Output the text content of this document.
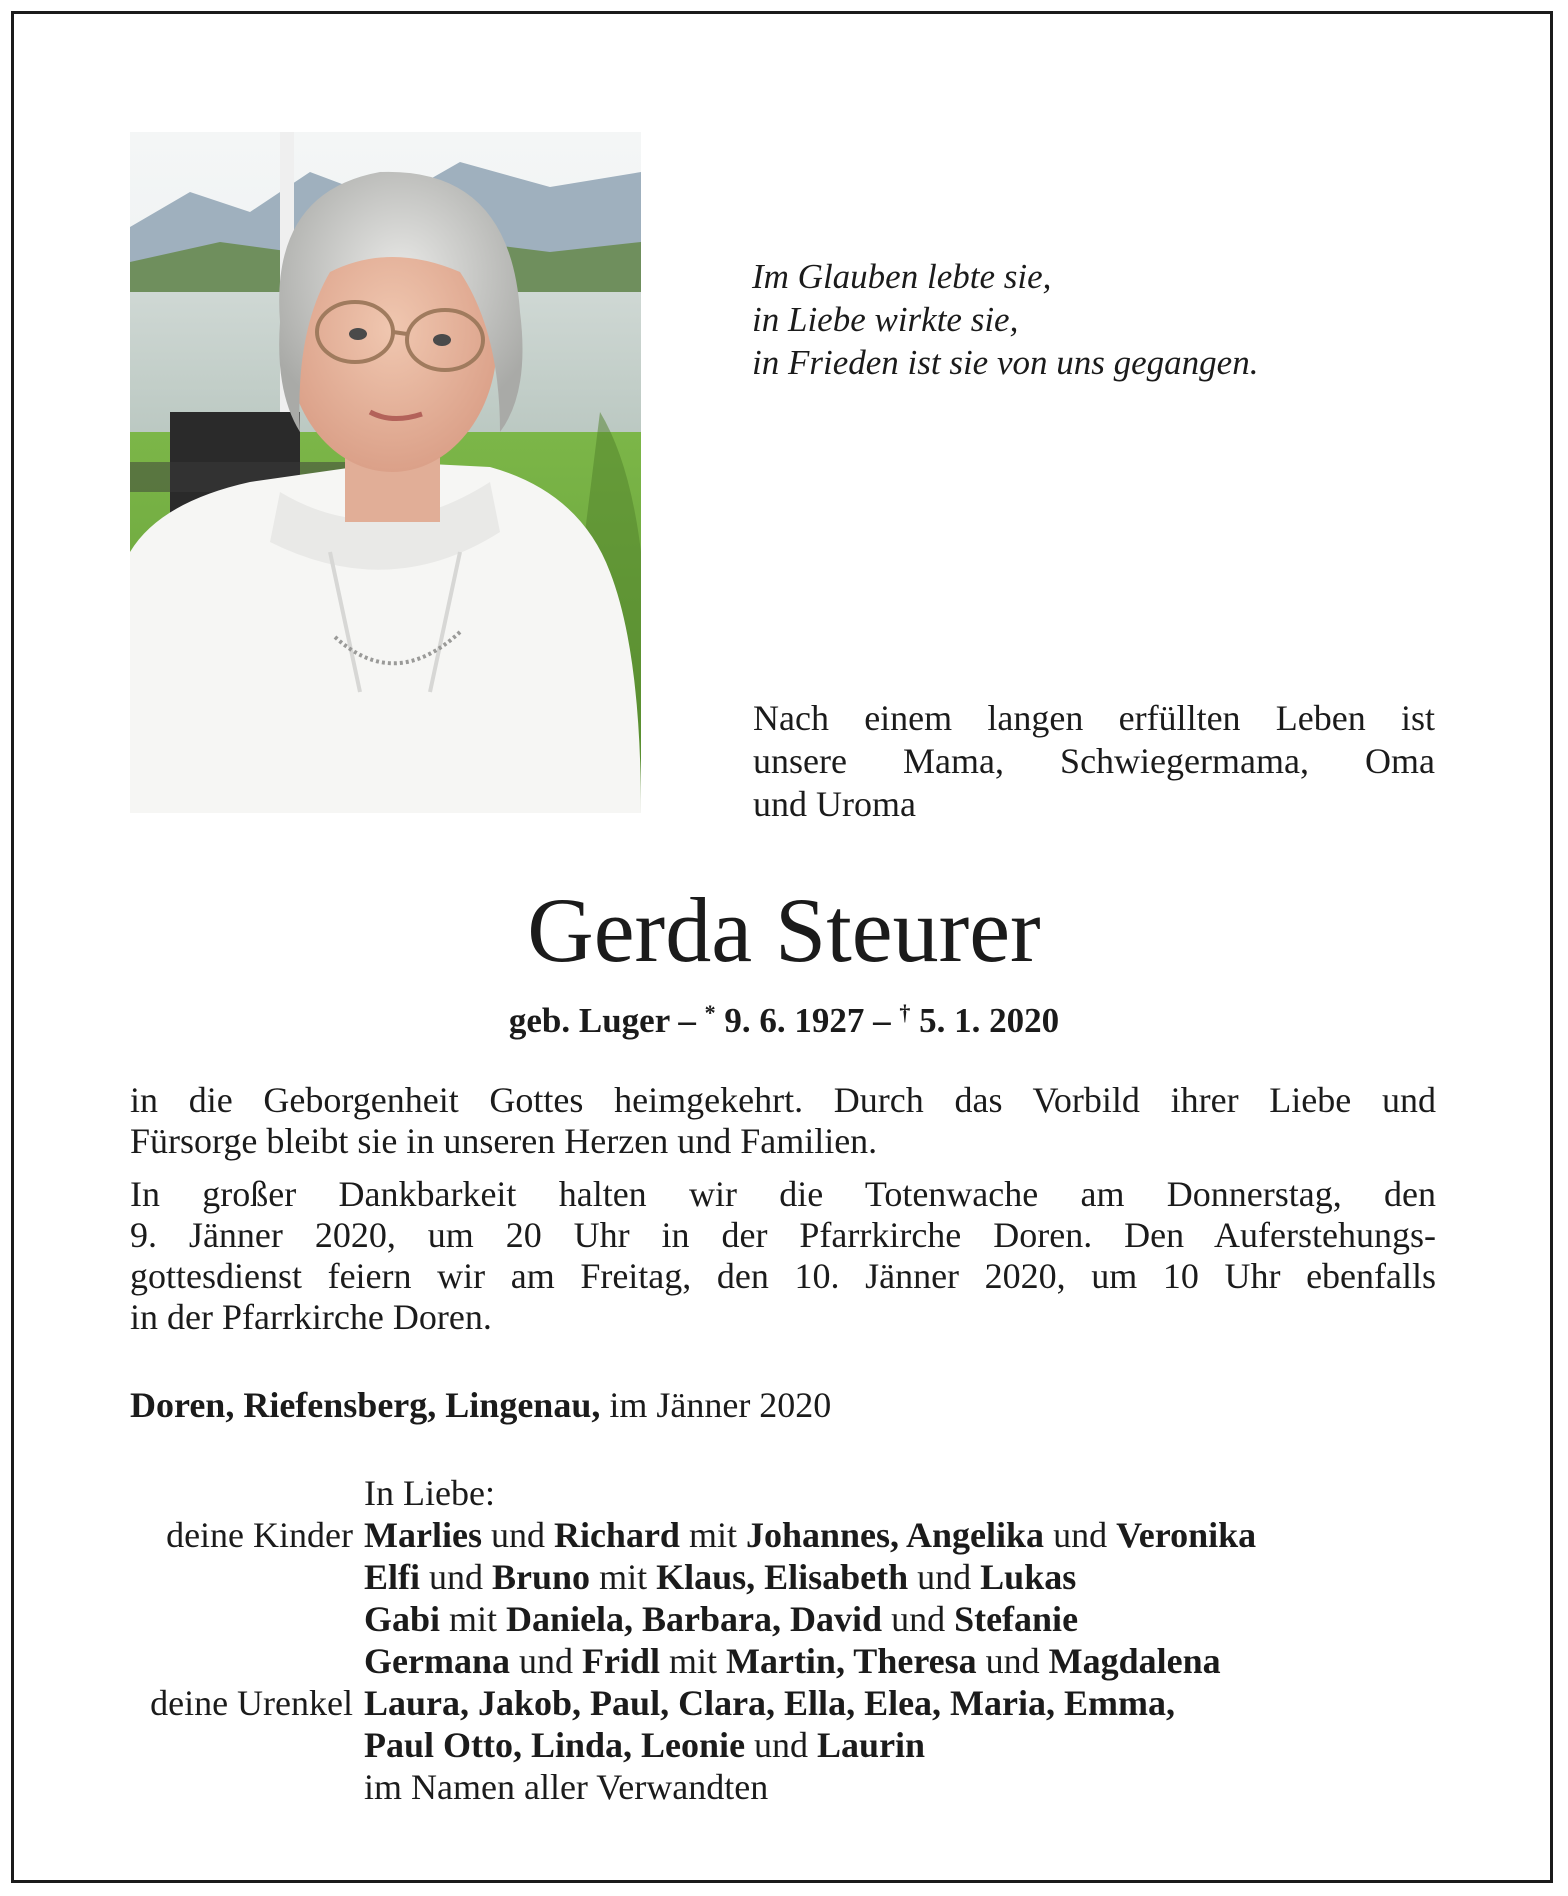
Im Glauben lebte sie,
in Liebe wirkte sie,
in Frieden ist sie von uns gegangen.
Nach einem langen erfüllten Leben ist
unsere Mama, Schwiegermama, Oma
und Uroma
Gerda Steurer
geb. Luger – * 9. 6. 1927 – † 5. 1. 2020
in die Geborgenheit Gottes heimgekehrt. Durch das Vorbild ihrer Liebe und
Fürsorge bleibt sie in unseren Herzen und Familien.
In großer Dankbarkeit halten wir die Totenwache am Donnerstag, den
9. Jänner 2020, um 20 Uhr in der Pfarrkirche Doren. Den Auferstehungs-
gottesdienst feiern wir am Freitag, den 10. Jänner 2020, um 10 Uhr ebenfalls
in der Pfarrkirche Doren.
Doren, Riefensberg, Lingenau, im Jänner 2020
In Liebe:
deine Kinder Marlies und Richard mit Johannes, Angelika und Veronika
Elfi und Bruno mit Klaus, Elisabeth und Lukas
Gabi mit Daniela, Barbara, David und Stefanie
Germana und Fridl mit Martin, Theresa und Magdalena
deine Urenkel Laura, Jakob, Paul, Clara, Ella, Elea, Maria, Emma,
Paul Otto, Linda, Leonie und Laurin
im Namen aller Verwandten
